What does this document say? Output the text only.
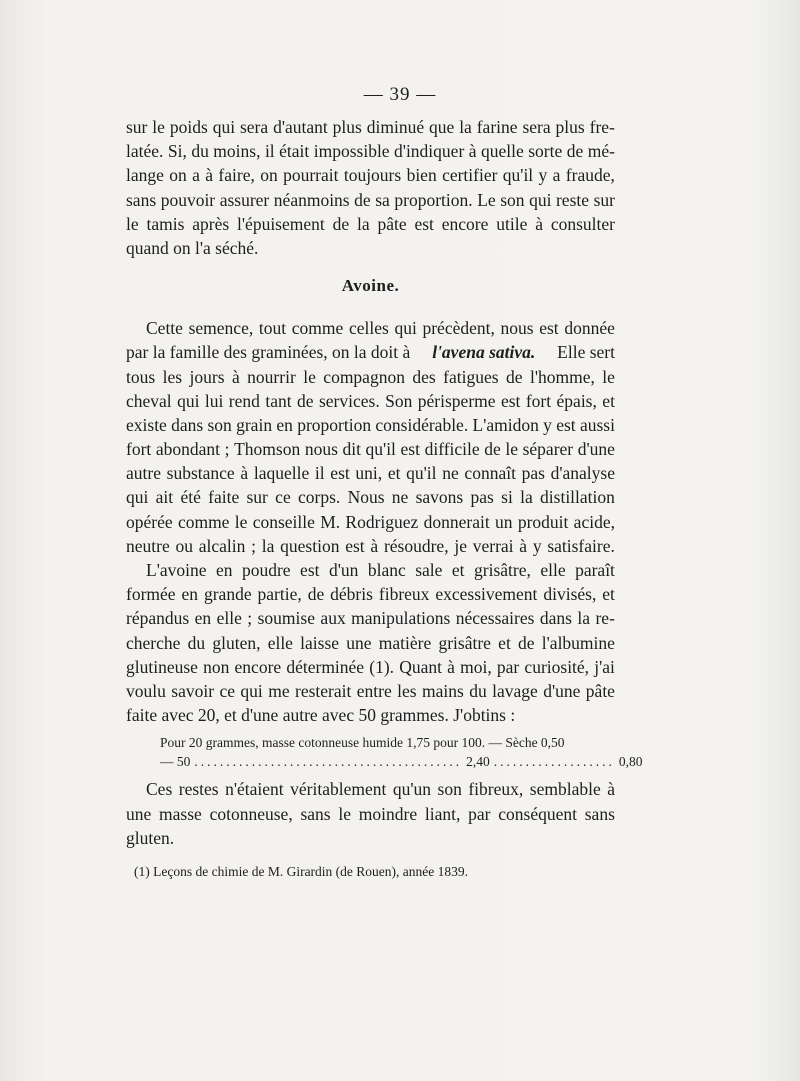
— 39 —
sur le poids qui sera d'autant plus diminué que la farine sera plus fre-
latée. Si, du moins, il était impossible d'indiquer à quelle sorte de mé-
lange on a à faire, on pourrait toujours bien certifier qu'il y a fraude,
sans pouvoir assurer néanmoins de sa proportion. Le son qui reste sur
le tamis après l'épuisement de la pâte est encore utile à consulter
quand on l'a séché.
Avoine.
Cette semence, tout comme celles qui précèdent, nous est donnée
par la famille des graminées, on la doit à l'avena sativa. Elle sert
tous les jours à nourrir le compagnon des fatigues de l'homme, le
cheval qui lui rend tant de services. Son périsperme est fort épais, et
existe dans son grain en proportion considérable. L'amidon y est aussi
fort abondant ; Thomson nous dit qu'il est difficile de le séparer d'une
autre substance à laquelle il est uni, et qu'il ne connaît pas d'analyse
qui ait été faite sur ce corps. Nous ne savons pas si la distillation
opérée comme le conseille M. Rodriguez donnerait un produit acide,
neutre ou alcalin ; la question est à résoudre, je verrai à y satisfaire.
L'avoine en poudre est d'un blanc sale et grisâtre, elle paraît
formée en grande partie, de débris fibreux excessivement divisés, et
répandus en elle ; soumise aux manipulations nécessaires dans la re-
cherche du gluten, elle laisse une matière grisâtre et de l'albumine
glutineuse non encore déterminée (1). Quant à moi, par curiosité, j'ai
voulu savoir ce qui me resterait entre les mains du lavage d'une pâte
faite avec 20, et d'une autre avec 50 grammes. J'obtins :
Pour 20 grammes, masse cotonneuse humide 1,75 pour 100. — Sèche 0,50
— 50 .......................................... 2,40 ................... 0,80
Ces restes n'étaient véritablement qu'un son fibreux, semblable à
une masse cotonneuse, sans le moindre liant, par conséquent sans
gluten.
(1) Leçons de chimie de M. Girardin (de Rouen), année 1839.
